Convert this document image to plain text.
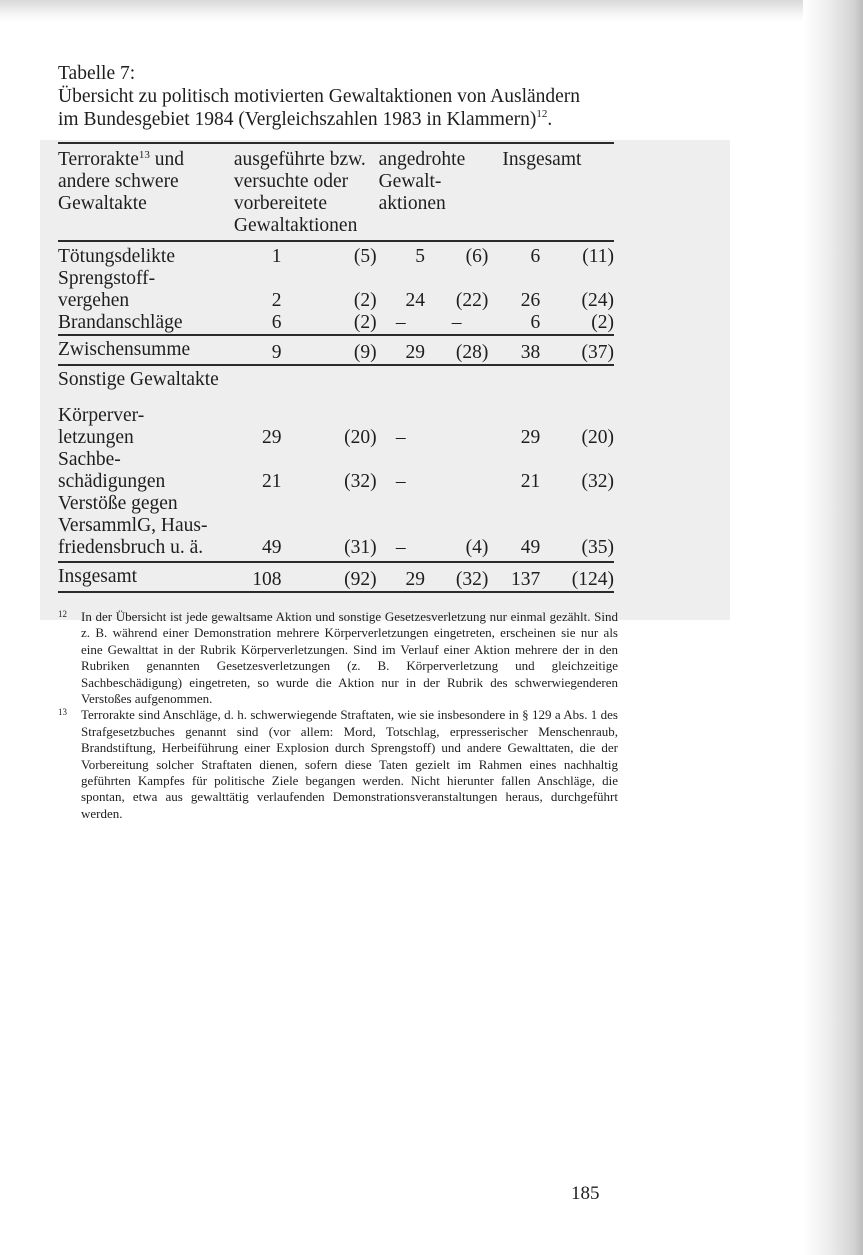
Tabelle 7:
Übersicht zu politisch motivierten Gewaltaktionen von Ausländern
im Bundesgebiet 1984 (Vergleichszahlen 1983 in Klammern)$^{12}$.

Terrorakte$^{13}$ und
andere schwere
Gewaltakte	ausgeführte bzw.
versuchte oder
vorbereitete
Gewaltaktionen		angedrohte
Gewalt-
aktionen		Insgesamt	
Tötungsdelikte	1	(5)	5	(6)	6	(11)
Sprengstoff-
vergehen	2	(2)	24	(22)	26	(24)
Brandanschläge	6	(2)	–	–	6	(2)
Zwischensumme	9	(9)	29	(28)	38	(37)
Sonstige Gewaltakte						
Körperver-
letzungen	29	(20)	–		29	(20)
Sachbe-
schädigungen	21	(32)	–		21	(32)
Verstöße gegen
VersammlG, Haus-
friedensbruch u. ä.	49	(31)	–	(4)	49	(35)
Insgesamt	108	(92)	29	(32)	137	(124)
12 In der Übersicht ist jede gewaltsame Aktion und sonstige Gesetzesverletzung nur einmal gezählt. Sind z. B. während einer Demonstration mehrere Körperverletzungen eingetreten, erscheinen sie nur als eine Gewalttat in der Rubrik Körperverletzungen. Sind im Verlauf einer Aktion mehrere der in den Rubriken genannten Gesetzesverletzungen (z. B. Körperverletzung und gleichzeitige Sachbeschädigung) eingetreten, so wurde die Aktion nur in der Rubrik des schwerwiegenderen Verstoßes aufgenommen.
13 Terrorakte sind Anschläge, d. h. schwerwiegende Straftaten, wie sie insbesondere in § 129 a Abs. 1 des Strafgesetzbuches genannt sind (vor allem: Mord, Totschlag, erpresserischer Menschenraub, Brandstiftung, Herbeiführung einer Explosion durch Sprengstoff) und andere Gewalttaten, die der Vorbereitung solcher Straftaten dienen, sofern diese Taten gezielt im Rahmen eines nachhaltig geführten Kampfes für politische Ziele begangen werden. Nicht hierunter fallen Anschläge, die spontan, etwa aus gewalttätig verlaufenden Demonstrationsveranstaltungen heraus, durchgeführt werden.
185
